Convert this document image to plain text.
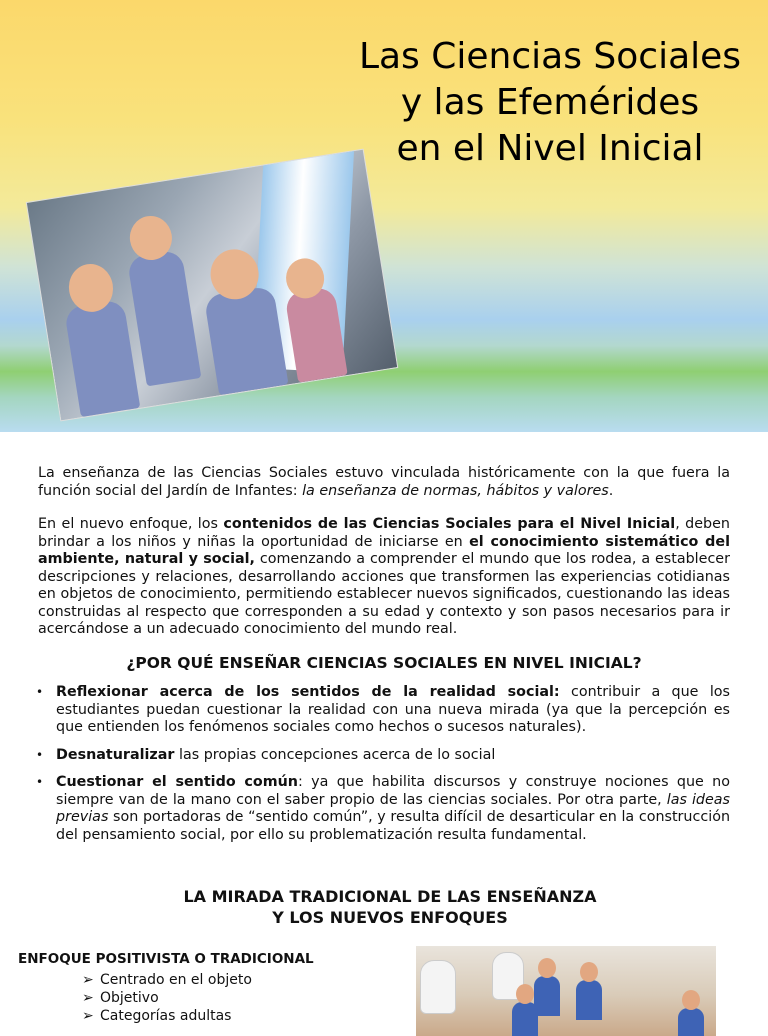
Las Ciencias Sociales
y las Efemérides
en el Nivel Inicial

La enseñanza de las Ciencias Sociales estuvo vinculada históricamente con la que fuera la función social del Jardín de Infantes: la enseñanza de normas, hábitos y valores.

En el nuevo enfoque, los contenidos de las Ciencias Sociales para el Nivel Inicial, deben brindar a los niños y niñas la oportunidad de iniciarse en el conocimiento sistemático del ambiente, natural y social, comenzando a comprender el mundo que los rodea, a establecer descripciones y relaciones, desarrollando acciones que transformen las experiencias cotidianas en objetos de conocimiento, permitiendo establecer nuevos significados, cuestionando las ideas construidas al respecto que corresponden a su edad y contexto y son pasos necesarios para ir acercándose a un adecuado conocimiento del mundo real.

¿POR QUÉ ENSEÑAR CIENCIAS SOCIALES EN NIVEL INICIAL?
• Reflexionar acerca de los sentidos de la realidad social: contribuir a que los estudiantes puedan cuestionar la realidad con una nueva mirada (ya que la percepción es que entienden los fenómenos sociales como hechos o sucesos naturales).
• Desnaturalizar las propias concepciones acerca de lo social
• Cuestionar el sentido común: ya que habilita discursos y construye nociones que no siempre van de la mano con el saber propio de las ciencias sociales. Por otra parte, las ideas previas son portadoras de “sentido común”, y resulta difícil de desarticular en la construcción del pensamiento social, por ello su problematización resulta fundamental.
LA MIRADA TRADICIONAL DE LAS ENSEÑANZA
Y LOS NUEVOS ENFOQUES
ENFOQUE POSITIVISTA O TRADICIONAL
➢ Centrado en el objeto
➢ Objetivo
➢ Categorías adultas
